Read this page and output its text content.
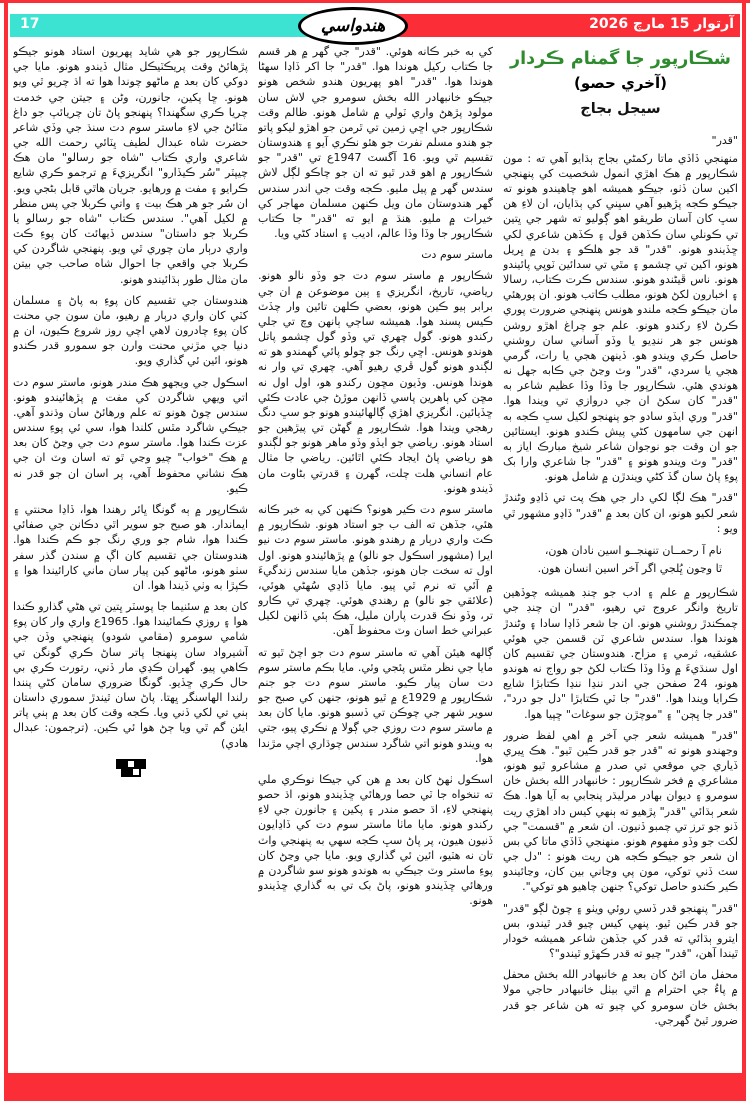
17	آرتوار 15 مارچ 2026
هندواسي
شڪارپور جا گمنام ڪردار (آخري حصو)
سيجل بجاج
"قدر"

منهنجي ڏاڏي ماتا رکمڻي بجاج ٻڌايو آهي ته : مون شڪارپور ۾ هڪ اهڙي انمول شخصيت کي پنهنجي اکين سان ڏٺو، جيڪو هميشه اهو چاهيندو هونو ته جيڪو ڪجه پڙهيو آهي سڀني کي ٻڌايان، ان لاءِ هن سڀ کان آسان طريقو اهو ڳوليو ته شهر جي ڀتين تي ڪونلي سان ڪڏهن قول ۽ ڪڏهن شاعري لکي ڇڏيندو هونو. "قدر" قد جو هلڪو ۽ بدن ۾ ڀريل هونو، اکين تي چشمو ۽ مٿي تي سدائين ٽوپي پائيندو هونو. ناس ڦيڻندو هونو. سندس ڪرت ڪتاب، رسالا ۽ اخبارون لکڻ هونو، مطلب ڪاتب هونو. ان پورهئي مان جيڪو ڪجه ملندو هونس پنهنجي ضرورت پوري ڪرڻ لاءِ رکندو هونو. علم جو چراغ اهڙو روشن هونس جو هر ننڍيو يا وڏو آساني سان روشني حاصل ڪري ويندو هو. ڏينهن هجي يا رات، گرمي هجي يا سردي، "قدر" وٽ وڃڻ جي ڪابه جهل نه هوندي هئي. شڪارپور جا وڏا وڏا عظيم شاعر به "قدر" کان سکڻ ان جي دروازي تي ويندا هوا. "قدر" وري ايڏو سادو جو پنهنجو لکيل سڀ ڪجه به انهن جي سامهون کڻي پيش ڪندو هونو. ايستائين جو ان وقت جو نوجوان شاعر شيخ مبارڪ اياز به "قدر" وٽ ويندو هونو ۽ "قدر" جا شاعري وارا بک پوءِ پاڻ سان گڏ کڻي ويندڙن ۾ شامل هونو.

"قدر" هڪ لڳا لکي دار جي هڪ پٽ تي ڏاڍو وڻندڙ شعر لکيو هونو، ان کان بعد ۾ "قدر" ڏاڍو مشهور ٿي ويو :

نام آ رحمــان تنهنجــو اسين نادان هون،
ٿا وڃون ڀُلجي اگر آخر اسين انسان هون.

شڪارپور ۾ علم ۽ ادب جو چنڊ هميشه چوڏهين تاريخ وانگر عروج تي رهيو، "قدر" ان چنڊ جي چمڪندڙ روشني هونو. ان جا شعر ڏاڍا سادا ۽ وڻندڙ هوندا هوا. سندس شاعري ٽن قسمن جي هوئي عشقيه، ثرمي ۽ مزاح. هندوستان جي تقسيم کان اول سنڌيءَ ۾ وڏا وڏا ڪتاب لکڻ جو رواج نه هوندو هونو، 24 صفحن جي اندر ننڍا ننڍا ڪتابڙا شايع ڪرايا ويندا هوا. "قدر" جا ٽي ڪتابڙا "دل جو درد"، "قدر جا ڀڄن" ۽ "موچڙن جو سوغات" ڇپيا هوا.

"قدر" هميشه شعر جي آخر ۾ اهي لفظ ضرور وجهندو هونو ته "قدر جو قدر ڪين ٿيو". هڪ ڀيري ڏياري جي موقعي تي صدر ۾ مشاعرو ٿيو هونو، مشاعري ۾ فخر شڪارپور : خانبهادر الله بخش خان سومرو ۽ ديوان بهادر مرليڌر پنجابي به آيا هوا. هڪ شعر ٻڌائي "قدر" پڙهيو ته ٻنهي کيس داد اهڙي ريت ڏنو جو ترز تي چمبو ڏنيون. ان شعر ۾ "قسمت" جي لکت جو وڏو مفهوم هونو. منهنجي ڏاڏي ماتا کي بس ان شعر جو جيڪو ڪجه هن ريت هونو : "دل جي سٽ ڏني توکي، مون پي وڃاني بين کان، وڃائيندو ڪير ڪندو حاصل توکي؟ جنهن چاهيو هو توکي".

"قدر" پنهنجو قدر ڏسي روئي ويٺو ۽ چوڻ لڳو "قدر" جو قدر ڪين ٿيو. پنهي کيس چيو قدر ٿيندو، بس ايترو ٻڌائي ته قدر کي جڏهن شاعر هميشه خودار ٿيندا آهن، "قدر" چيو ته قدر ڪهڙو ٿيندو"؟

محفل مان اٿڻ کان بعد ۾ خانبهادر الله بخش محفل ۾ پاءُ جي احترام ۾ اٿي بيٺل خانبهادر حاجي مولا بخش خان سومرو کي چيو ته هن شاعر جو قدر ضرور ٿيڻ گهرجي.

کي به خبر ڪانه هوئي. "قدر" جي گهر ۾ هر قسم جا ڪتاب رکيل هوندا هوا. "قدر" جا اکر ڏاڍا سهڻا هوندا هوا. "قدر" اهو پهريون هندو شخص هونو جيڪو خانبهادر الله بخش سومرو جي لاش سان مولود پڙهڻ واري ٽولي ۾ شامل هونو. ظالم وقت شڪارپور جي اڇي زمين تي ٿرمن جو اهڙو ليکو پاتو جو هندو مسلم نفرت جو هئو نڪري آيو ۽ هندوستان تقسيم ٿي ويو. 16 آگسٽ 1947ع تي "قدر" جو شڪارپور ۾ اهو قدر ٿيو ته ان جو چاڪو لڳل لاش سندس گهر ۾ پيل مليو. ڪجه وقت جي اندر سندس گهر هندوستان مان ويل ڪنهن مسلمان مهاجر کي خيرات ۾ مليو. هنڌ ۾ ايو ته "قدر" جا ڪتاب شڪارپور جا وڏا وڏا عالم، اديب ۽ استاد کڻي ويا.

ماستر سوم دت

شڪارپور ۾ ماستر سوم دت جو وڏو نالو هونو. رياضي، تاريخ، انگريزي ۽ ٻين موضوعن ۾ ان جي برابر ٻيو ڪين هونو، بعضي ڪلهن تائين وار چڏٽ ڪيس پسند هوا. هميشه ساڄي ٻانهن وچ تي جلي رکندو هونو. گول چهري تي وڏو گول چشمو پاتل هوندو هونس. اڇي رنگ جو چولو پائي گهمندو هو ته لڳندو هونو گول ڦري رهيو آهي. چهري تي وار نه هوندا هونس. وڏيون مڇون رکندو هو، اول اول نه مڇن کي ٻاهرين پاسي ڏانهن موڙڻ جي عادت ڪئي ڇڏيائين. انگريزي اهڙي ڳالهائيندو هونو جو سڀ دنگ رهجي ويندا هوا. شڪارپور ۾ گهڻن تي پيڙهين جو استاد هونو. رياضي جو ايڏو وڏو ماهر هونو جو لڳندو هو رياضي پاڻ ايجاد ڪئي اٿائين. رياضي جا مثال عام انساني هلت چلت، گهرن ۽ قدرتي بڻاوت مان ڏيندو هونو.

ماستر سوم دت ڪير هونو؟ ڪنهن کي به خبر ڪانه هئي، جڏهن ته الف ب جو استاد هونو. شڪارپور ۾ ڪٽ واري درٻار ۾ رهندو هونو. ماستر سوم دت نيو ايرا (مشهور اسڪول جو نالو) ۾ پڙهائيندو هونو. اول اول ته سخت جان هونو، جڏهن مايا سندس زندگيءَ ۾ آئي ته نرم ٿي پيو. مايا ڏاڍي سُهڻي هوئي، (علائقي جو نالو) ۾ رهندي هوئي. چهري تي ڪارو تر، وڏو نڪ قدرت پاران مليل، هڪ ٻئي ڏانهن لکيل عبراني خط اسان وٽ محفوظ آهن.

ڳالهه هيئن آهي ته ماستر سوم دت جو اچڻ ٿيو ته مايا جي نظر مٿس پئجي وئي. مايا بڪم ماستر سوم دت سان پيار ڪيو. ماستر سوم دت جو جنم شڪارپور ۾ 1929ع ۾ ٿيو هونو، جنهن کي صبح جو سوير شهر جي چوڪن تي ڏسبو هونو. مايا کان بعد ۾ ماستر سوم دت روزي جي ڳولا ۾ نڪري پيو، جتي به ويندو هونو اتي شاگرد سندس چوڌاري اچي مڙندا هوا.

اسڪول ٺهڻ کان بعد ۾ هن کي جيڪا نوڪري ملي ته تنخواه جا ٽي حصا ورهائي ڇڏيندو هونو، اڌ حصو پنهنجي لاءِ، اڌ حصو مندر ۽ پکين ۽ جانورن جي لاءِ رکندو هونو. مايا ماٺا ماستر سوم دت کي ڏاڍايون ڏنيون هيون، پر پاڻ سڀ ڪجه سهي به پنهنجي واٽ تان نه هٽيو، ائين ئي گذاري ويو. مايا جي وڃڻ کان پوءِ ماستر وٽ جيڪي به هوندو هونو سو شاگردن ۾ ورهائي ڇڏيندو هونو، پاڻ بک تي به گذاري ڇڏيندو هونو.

شڪارپور جو هي شايد پهريون استاد هونو جيڪو پڙهائڻ وقت پريڪٽيڪل مثال ڏيندو هونو. مايا جي دوکي کان بعد ۾ ماڻهو چوندا هوا ته اڌ چريو ٿي ويو هونو. ڇا پکين، جانورن، وڻن ۽ جيتن جي خدمت چريا ڪري سگهندا؟ پنهنجو پاڻ تان چريائپ جو داغ مٽائڻ جي لاءِ ماستر سوم دت سنڌ جي وڏي شاعر حضرت شاه عبدال لطيف ڀٽائي رحمت الله جي شاعري واري ڪتاب "شاه جو رسالو" مان هڪ چيپٽر "سُر ڪيڏارو" انگريزيءَ ۾ ترجمو ڪري شايع ڪرايو ۽ مفت ۾ ورهايو. جريان هاٿي قابل بڻجي ويو. ان سُر جو هر هڪ بيت ۽ واتي ڪربلا جي پس منظر ۾ لکيل آهي". سندس ڪتاب "شاه جو رسالو يا ڪربلا جو داستان" سندس ڏيهائت کان پوءِ ڪٽ واري درٻار مان چوري ٿي ويو. پنهنجي شاگردن کي ڪربلا جي واقعي جا احوال شاه صاحب جي بيتن مان مثال طور ٻڌائيندو هونو.

هندوستان جي تقسيم کان پوءِ به پاڻ ۽ مسلمان کٽي کان واري درٻار ۾ رهيو، مان سون جي محنت کان پوءِ چادرون لاهي اچي روز شروع ڪيون، ان ۾ دنيا جي مڙني محنت وارن جو سمورو قدر ڪندو هونو، ائين ئي گذاري ويو.

اسڪول جي ويجهو هڪ مندر هونو، ماستر سوم دت اتي ويهي شاگردن کي مفت ۾ پڙهائيندو هونو. سندس چوڻ هونو ته علم ورهائڻ سان وڌندو آهي. جيڪي شاگرد مٿس کلندا هوا، سي ئي پوءِ سندس عزت ڪندا هوا. ماستر سوم دت جي وڃڻ کان بعد ۾ هڪ "خواب" چيو وڃي ٿو ته اسان وٽ ان جي هڪ نشاني محفوظ آهي، پر اسان ان جو قدر نه ڪيو.

شڪارپور ۾ ٻه گونگا ڀائر رهندا هوا، ڏاڍا محنتي ۽ ايماندار. هو صبح جو سوير اٿي دڪانن جي صفائي ڪندا هوا، شام جو وري رنگ جو ڪم ڪندا هوا. هندوستان جي تقسيم کان اڳ ۾ سندن گذر سفر سٺو هونو، ماڻهو کين پيار سان ماني کارائيندا هوا ۽ ڪپڙا به وٺي ڏيندا هوا. ان

کان بعد ۾ سئنيما جا پوسٽر ڀتين تي هڻي گذارو ڪندا هوا ۽ روزي ڪمائيندا هوا. 1965ع واري وار کان پوءِ شامي سومرو (مقامي شودو) پنهنجي وڏن جي آشيرواد سان پنهنجا پاتر ساڻ ڪري گونگن تي ڪاهي پيو. گهران ڪڍي مار ڏني، رتورت ڪري بي حال ڪري ڇڏيو. گونگا ضروري سامان کڻي پنندا رلندا الهاسنگر ڀهتا. پاڻ سان ٿيندڙ سموري داستان ٻني تي لکي ڏني ويا. ڪجه وقت کان بعد ۾ ٻني پاتر ايئن گم ٿي ويا ڄڻ هوا ئي ڪين. (ترجمون: عبدال هادي)
